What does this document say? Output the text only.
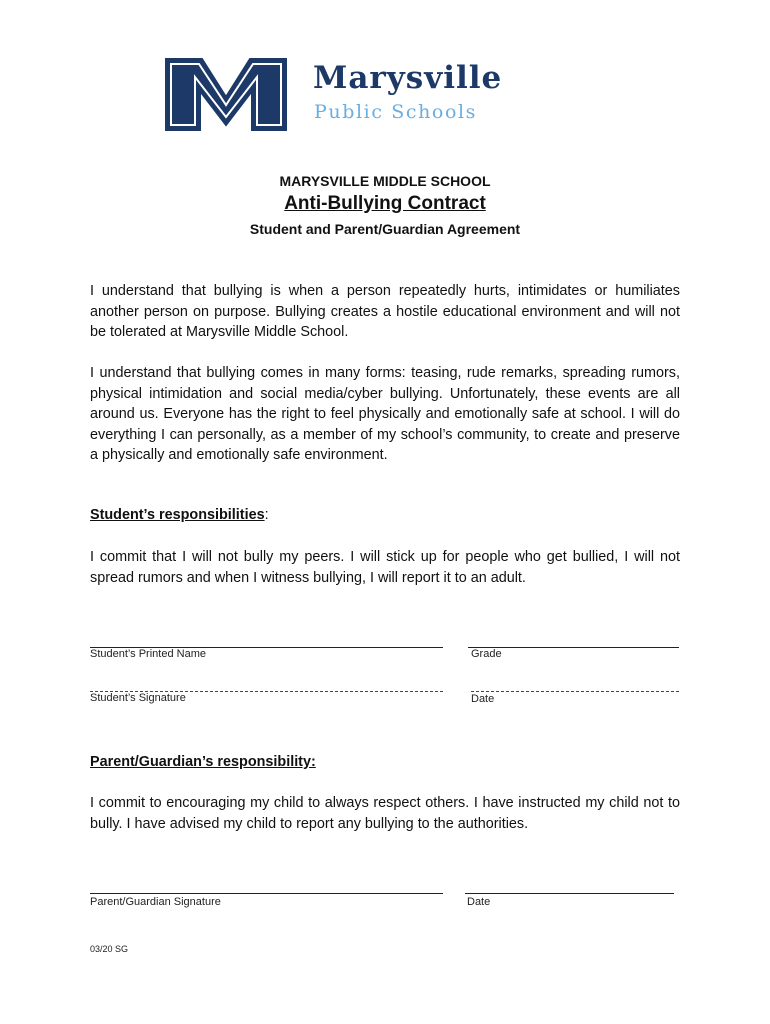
Marysville
Public Schools
MARYSVILLE MIDDLE SCHOOL
Anti-Bullying Contract
Student and Parent/Guardian Agreement
I understand that bullying is when a person repeatedly hurts, intimidates or humiliates another person on purpose. Bullying creates a hostile educational environment and will not be tolerated at Marysville Middle School.
I understand that bullying comes in many forms: teasing, rude remarks, spreading rumors, physical intimidation and social media/cyber bullying. Unfortunately, these events are all around us. Everyone has the right to feel physically and emotionally safe at school. I will do everything I can personally, as a member of my school’s community, to create and preserve a physically and emotionally safe environment.
Student’s responsibilities:
I commit that I will not bully my peers. I will stick up for people who get bullied, I will not spread rumors and when I witness bullying, I will report it to an adult.
Student’s Printed Name	Grade
Student’s Signature	Date
Parent/Guardian’s responsibility:
I commit to encouraging my child to always respect others. I have instructed my child not to bully. I have advised my child to report any bullying to the authorities.
Parent/Guardian Signature	Date
03/20 SG
